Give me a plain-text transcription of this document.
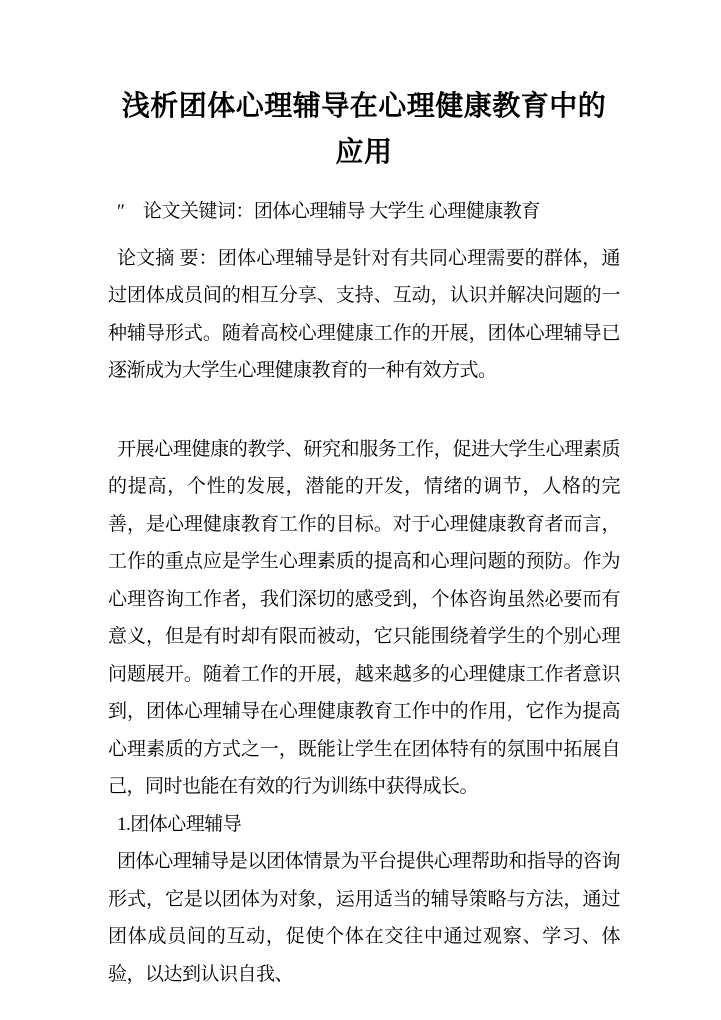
浅析团体心理辅导在心理健康教育中的应用

″　论文关键词：团体心理辅导 大学生 心理健康教育

论文摘 要：团体心理辅导是针对有共同心理需要的群体，通过团体成员间的相互分享、支持、互动，认识并解决问题的一种辅导形式。随着高校心理健康工作的开展，团体心理辅导已逐渐成为大学生心理健康教育的一种有效方式。

开展心理健康的教学、研究和服务工作，促进大学生心理素质的提高，个性的发展，潜能的开发，情绪的调节，人格的完善，是心理健康教育工作的目标。对于心理健康教育者而言，工作的重点应是学生心理素质的提高和心理问题的预防。作为心理咨询工作者，我们深切的感受到，个体咨询虽然必要而有意义，但是有时却有限而被动，它只能围绕着学生的个别心理问题展开。随着工作的开展，越来越多的心理健康工作者意识到，团体心理辅导在心理健康教育工作中的作用，它作为提高心理素质的方式之一，既能让学生在团体特有的氛围中拓展自己，同时也能在有效的行为训练中获得成长。

1.团体心理辅导

团体心理辅导是以团体情景为平台提供心理帮助和指导的咨询形式，它是以团体为对象，运用适当的辅导策略与方法，通过团体成员间的互动，促使个体在交往中通过观察、学习、体验，以达到认识自我、
